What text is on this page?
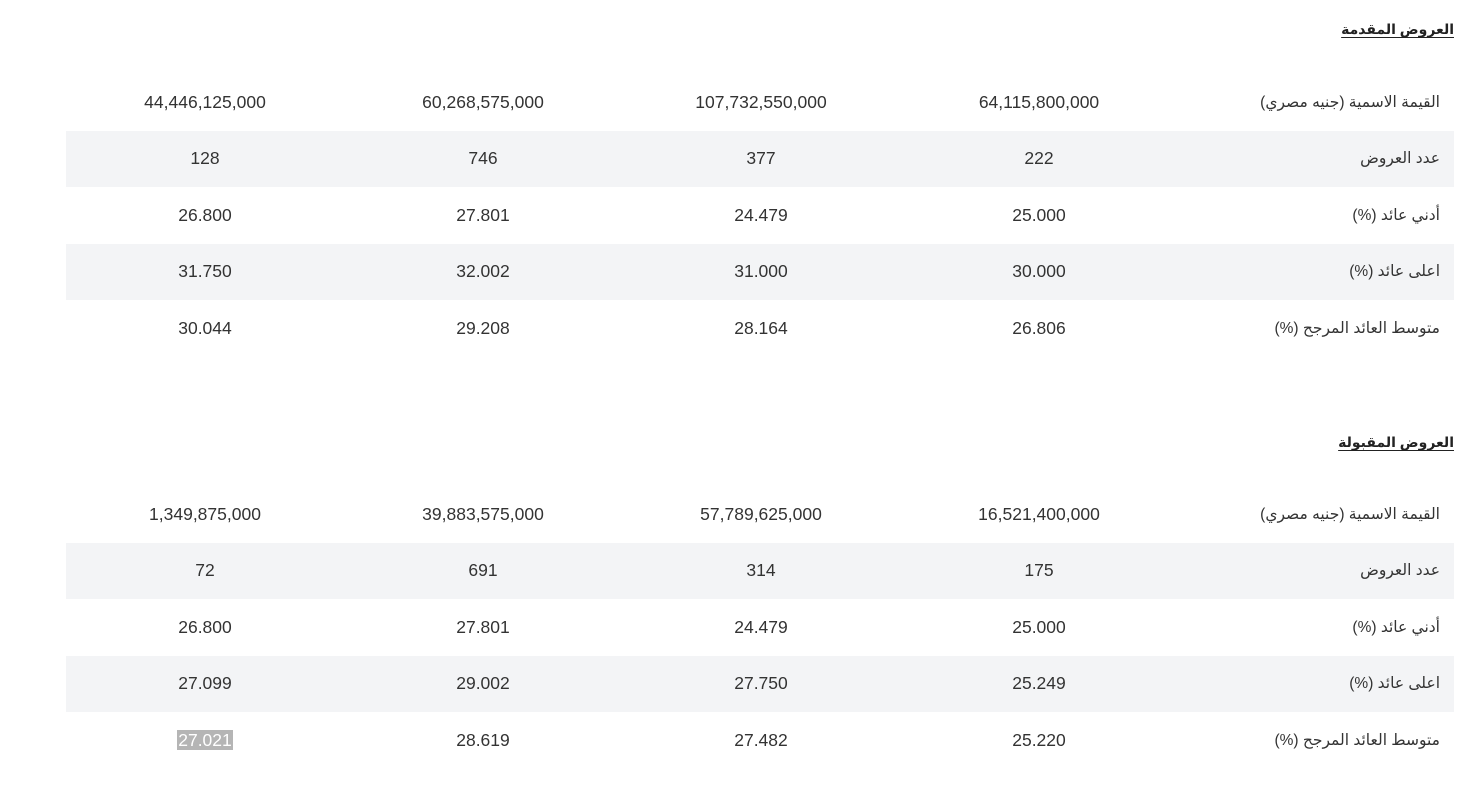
العروض المقدمة
44,446,125,000	60,268,575,000	107,732,550,000	64,115,800,000	القيمة الاسمية (جنيه مصري)
128	746	377	222	عدد العروض
26.800	27.801	24.479	25.000	أدني عائد (%)
31.750	32.002	31.000	30.000	اعلى عائد (%)
30.044	29.208	28.164	26.806	متوسط العائد المرجح (%)
العروض المقبولة
1,349,875,000	39,883,575,000	57,789,625,000	16,521,400,000	القيمة الاسمية (جنيه مصري)
72	691	314	175	عدد العروض
26.800	27.801	24.479	25.000	أدني عائد (%)
27.099	29.002	27.750	25.249	اعلى عائد (%)
27.021	28.619	27.482	25.220	متوسط العائد المرجح (%)
